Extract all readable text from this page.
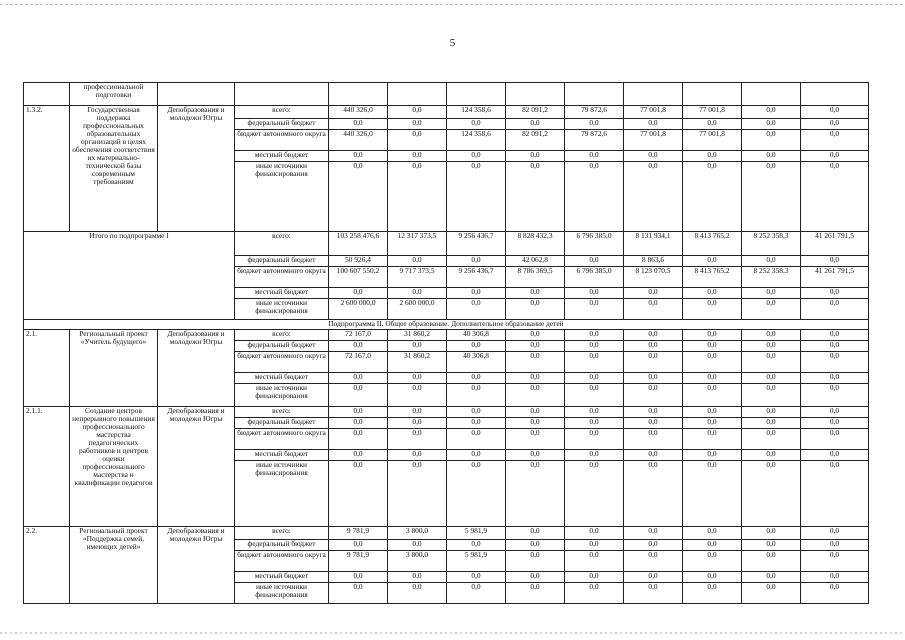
5
	профессиональной подготовки											
1.3.2.	Государственная поддержка профессиональных образовательных организаций в целях обеспечения соответствия их материально-технической базы современным требованиям	Депобразования и молодежи Югры	всего:	440 326,0	0,0	124 358,6	82 091,2	79 872,6	77 001,8	77 001,8	0,0	0,0
			федеральный бюджет	0,0	0,0	0,0	0,0	0,0	0,0	0,0	0,0	0,0
			бюджет автономного округа	440 326,0	0,0	124 358,6	82 091,2	79 872,6	77 001,8	77 001,8	0,0	0,0
			местный бюджет	0,0	0,0	0,0	0,0	0,0	0,0	0,0	0,0	0,0
			иные источники финансирования	0,0	0,0	0,0	0,0	0,0	0,0	0,0	0,0	0,0
Итого по подпрограмме I			всего:	103 258 476,6	12 317 373,5	9 256 436,7	8 828 432,3	6 796 385,0	8 131 934,1	8 413 765,2	8 252 358,3	41 261 791,5
			федеральный бюджет	50 926,4	0,0	0,0	42 062,8	0,0	8 863,6	0,0	0,0	0,0
			бюджет автономного округа	100 607 550,2	9 717 373,5	9 256 436,7	8 786 369,5	6 796 385,0	8 123 070,5	8 413 765,2	8 252 358,3	41 261 791,5
			местный бюджет	0,0	0,0	0,0	0,0	0,0	0,0	0,0	0,0	0,0
			иные источники финансирования	2 600 000,0	2 600 000,0	0,0	0,0	0,0	0,0	0,0	0,0	0,0
Подпрограмма II. Общее образование. Дополнительное образование детей												
2.1.	Региональный проект «Учитель будущего»	Депобразования и молодежи Югры	всего:	72 167,0	31 860,2	40 306,8	0,0	0,0	0,0	0,0	0,0	0,0
			федеральный бюджет	0,0	0,0	0,0	0,0	0,0	0,0	0,0	0,0	0,0
			бюджет автономного округа	72 167,0	31 860,2	40 306,8	0,0	0,0	0,0	0,0	0,0	0,0
			местный бюджет	0,0	0,0	0,0	0,0	0,0	0,0	0,0	0,0	0,0
			иные источники финансирования	0,0	0,0	0,0	0,0	0,0	0,0	0,0	0,0	0,0
2.1.1.	Создание центров непрерывного повышения профессионального мастерства педагогических работников и центров оценки профессионального мастерства и квалификации педагогов	Депобразования и молодежи Югры	всего:	0,0	0,0	0,0	0,0	0,0	0,0	0,0	0,0	0,0
			федеральный бюджет	0,0	0,0	0,0	0,0	0,0	0,0	0,0	0,0	0,0
			бюджет автономного округа	0,0	0,0	0,0	0,0	0,0	0,0	0,0	0,0	0,0
			местный бюджет	0,0	0,0	0,0	0,0	0,0	0,0	0,0	0,0	0,0
			иные источники финансирования	0,0	0,0	0,0	0,0	0,0	0,0	0,0	0,0	0,0
2.2.	Региональный проект «Поддержка семей, имеющих детей»	Депобразования и молодежи Югры	всего:	9 781,9	3 800,0	5 981,9	0,0	0,0	0,0	0,0	0,0	0,0
			федеральный бюджет	0,0	0,0	0,0	0,0	0,0	0,0	0,0	0,0	0,0
			бюджет автономного округа	9 781,9	3 800,0	5 981,9	0,0	0,0	0,0	0,0	0,0	0,0
			местный бюджет	0,0	0,0	0,0	0,0	0,0	0,0	0,0	0,0	0,0
			иные источники финансирования	0,0	0,0	0,0	0,0	0,0	0,0	0,0	0,0	0,0
